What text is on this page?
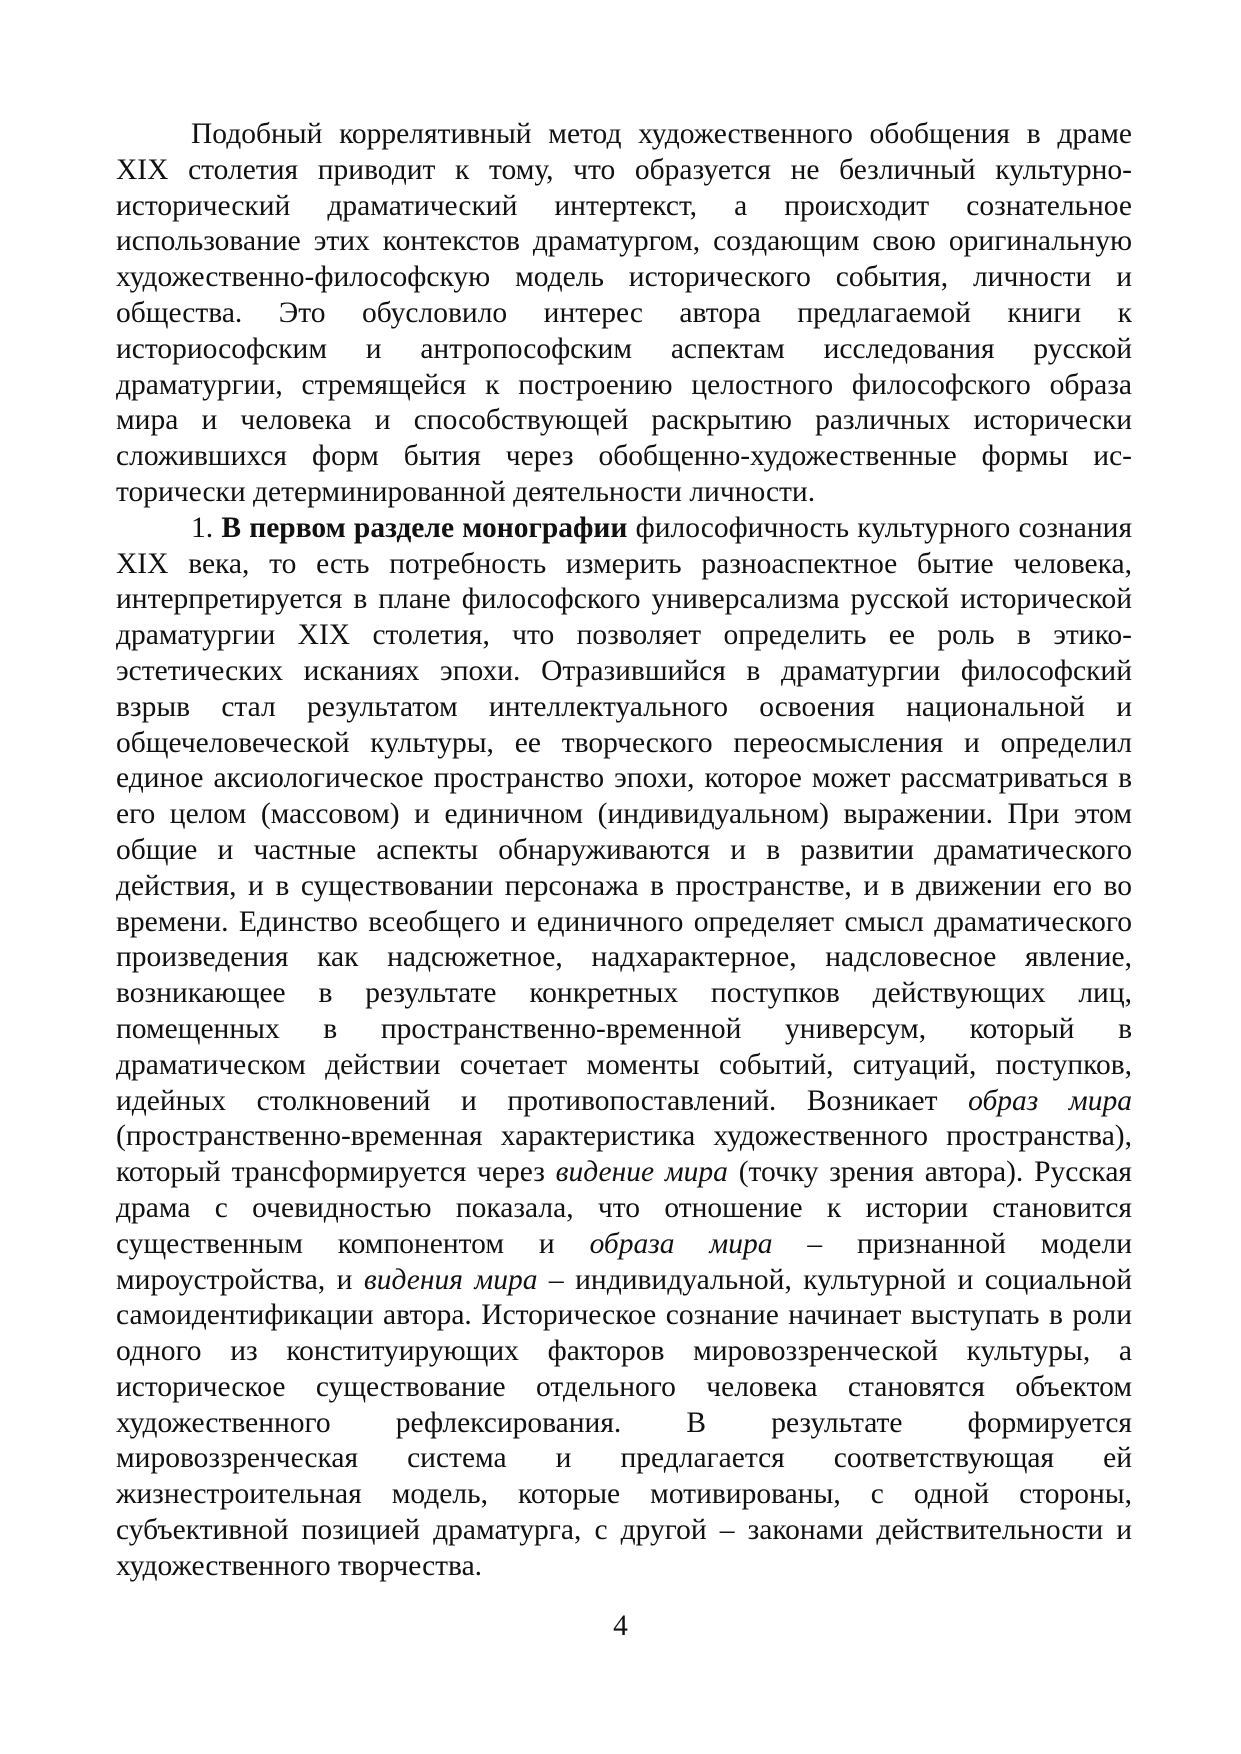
Подобный коррелятивный метод художественного обобщения в драме XIX столетия приводит к тому, что образуется не безличный культурно-исторический драматический интертекст, а происходит сознательное использование этих контекстов драматургом, создающим свою оригинальную художественно-философскую модель исторического события, личности и общества. Это обусловило интерес автора предлагаемой книги к историософским и антропософским аспектам исследования русской драматургии, стремящейся к построению целостного философского образа мира и человека и способствующей раскрытию различных исторически сложившихся форм бытия через обобщенно-художественные формы исторически детерминированной деятельности личности.

1. В первом разделе монографии философичность культурного сознания XIX века, то есть потребность измерить разноаспектное бытие человека, интерпретируется в плане философского универсализма русской исторической драматургии XIX столетия, что позволяет определить ее роль в этико-эстетических исканиях эпохи. Отразившийся в драматургии философский взрыв стал результатом интеллектуального освоения национальной и общечеловеческой культуры, ее творческого переосмысления и определил единое аксиологическое пространство эпохи, которое может рассматриваться в его целом (массовом) и единичном (индивидуальном) выражении. При этом общие и частные аспекты обнаруживаются и в развитии драматического действия, и в существовании персонажа в пространстве, и в движении его во времени. Единство всеобщего и единичного определяет смысл драматического произведения как надсюжетное, надхарактерное, надсловесное явление, возникающее в результате конкретных поступков действующих лиц, помещенных в пространственно-временной универсум, который в драматическом действии сочетает моменты событий, ситуаций, поступков, идейных столкновений и противопоставлений. Возникает образ мира (пространственно-временная характеристика художественного пространства), который трансформируется через видение мира (точку зрения автора). Русская драма с очевидностью показала, что отношение к истории становится существенным компонентом и образа мира – признанной модели мироустройства, и видения мира – индивидуальной, культурной и социальной самоидентификации автора. Историческое сознание начинает выступать в роли одного из конституирующих факторов мировоззренческой культуры, а историческое существование отдельного человека становятся объектом художественного рефлексирования. В результате формируется мировоззренческая система и предлагается соответствующая ей жизнестроительная модель, которые мотивированы, с одной стороны, субъективной позицией драматурга, с другой – законами действительности и художественного творчества.

4
